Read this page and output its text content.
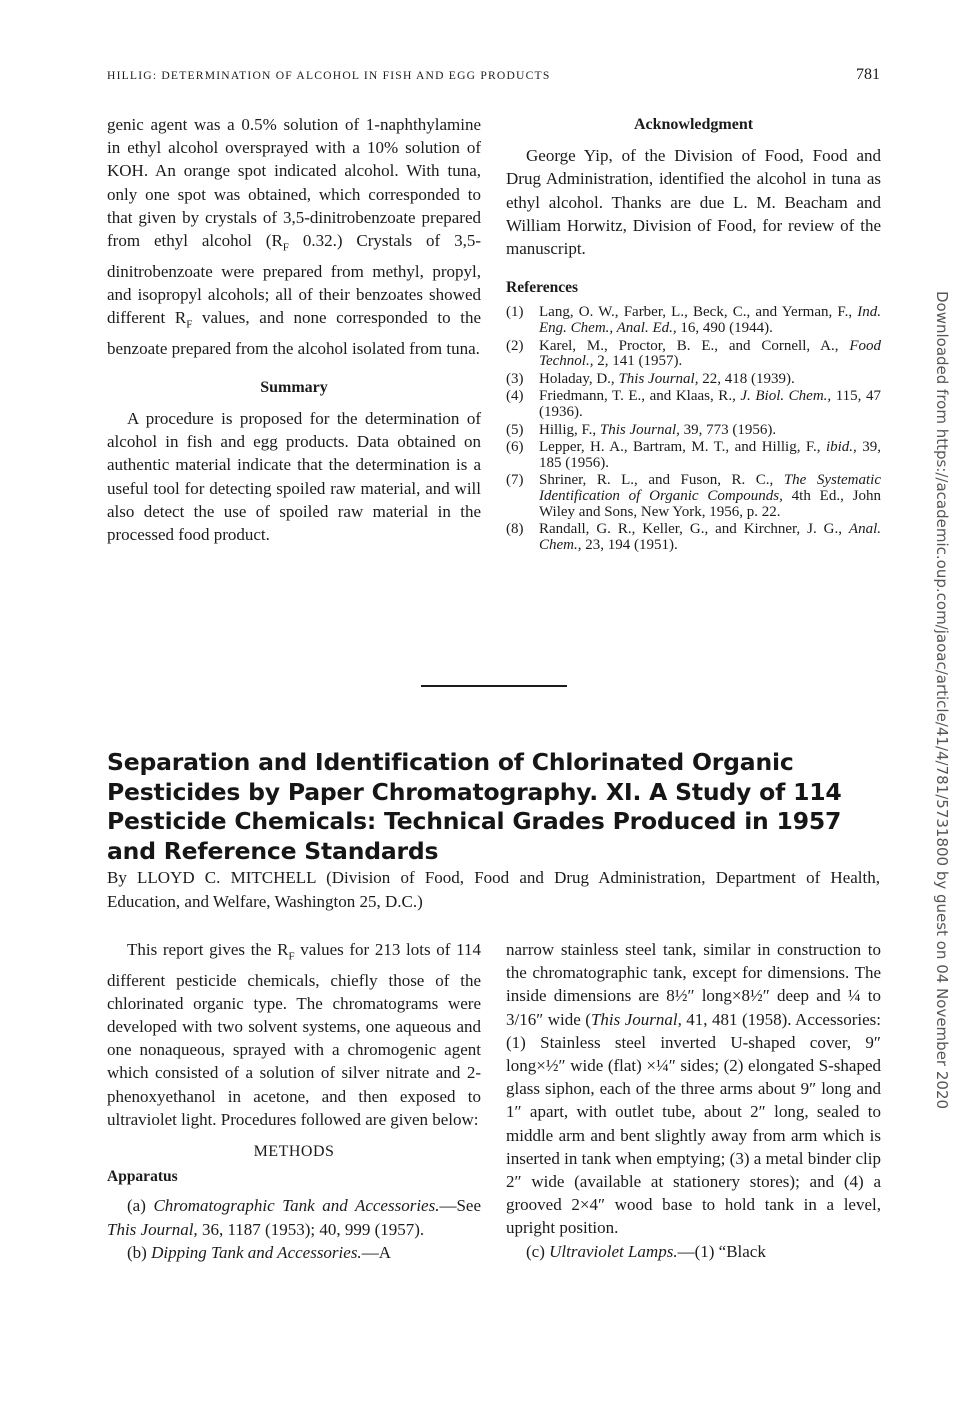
HILLIG: DETERMINATION OF ALCOHOL IN FISH AND EGG PRODUCTS	781

genic agent was a 0.5% solution of 1-naphthylamine in ethyl alcohol oversprayed with a 10% solution of KOH. An orange spot indicated alcohol. With tuna, only one spot was obtained, which corresponded to that given by crystals of 3,5-dinitrobenzoate prepared from ethyl alcohol ($R_F$ 0.32.) Crystals of 3,5-dinitrobenzoate were prepared from methyl, propyl, and isopropyl alcohols; all of their benzoates showed different $R_F$ values, and none corresponded to the benzoate prepared from the alcohol isolated from tuna.

Summary

A procedure is proposed for the determination of alcohol in fish and egg products. Data obtained on authentic material indicate that the determination is a useful tool for detecting spoiled raw material, and will also detect the use of spoiled raw material in the processed food product.

Acknowledgment

George Yip, of the Division of Food, Food and Drug Administration, identified the alcohol in tuna as ethyl alcohol. Thanks are due L. M. Beacham and William Horwitz, Division of Food, for review of the manuscript.

References

(1) Lang, O. W., Farber, L., Beck, C., and Yerman, F., Ind. Eng. Chem., Anal. Ed., 16, 490 (1944).
(2) Karel, M., Proctor, B. E., and Cornell, A., Food Technol., 2, 141 (1957).
(3) Holaday, D., This Journal, 22, 418 (1939).
(4) Friedmann, T. E., and Klaas, R., J. Biol. Chem., 115, 47 (1936).
(5) Hillig, F., This Journal, 39, 773 (1956).
(6) Lepper, H. A., Bartram, M. T., and Hillig, F., ibid., 39, 185 (1956).
(7) Shriner, R. L., and Fuson, R. C., The Systematic Identification of Organic Compounds, 4th Ed., John Wiley and Sons, New York, 1956, p. 22.
(8) Randall, G. R., Keller, G., and Kirchner, J. G., Anal. Chem., 23, 194 (1951).
Separation and Identification of Chlorinated Organic Pesticides by Paper Chromatography. XI. A Study of 114 Pesticide Chemicals: Technical Grades Produced in 1957 and Reference Standards

By LLOYD C. MITCHELL (Division of Food, Food and Drug Administration, Department of Health, Education, and Welfare, Washington 25, D.C.)

This report gives the $R_F$ values for 213 lots of 114 different pesticide chemicals, chiefly those of the chlorinated organic type. The chromatograms were developed with two solvent systems, one aqueous and one nonaqueous, sprayed with a chromogenic agent which consisted of a solution of silver nitrate and 2-phenoxyethanol in acetone, and then exposed to ultraviolet light. Procedures followed are given below:

METHODS

Apparatus

(a) Chromatographic Tank and Accessories.—See This Journal, 36, 1187 (1953); 40, 999 (1957).

(b) Dipping Tank and Accessories.—A

narrow stainless steel tank, similar in construction to the chromatographic tank, except for dimensions. The inside dimensions are 8½″ long×8½″ deep and ¼ to 3/16″ wide (This Journal, 41, 481 (1958). Accessories: (1) Stainless steel inverted U-shaped cover, 9″ long×½″ wide (flat) ×¼″ sides; (2) elongated S-shaped glass siphon, each of the three arms about 9″ long and 1″ apart, with outlet tube, about 2″ long, sealed to middle arm and bent slightly away from arm which is inserted in tank when emptying; (3) a metal binder clip 2″ wide (available at stationery stores); and (4) a grooved 2×4″ wood base to hold tank in a level, upright position.

(c) Ultraviolet Lamps.—(1) “Black

Downloaded from https://academic.oup.com/jaoac/article/41/4/781/5731800 by guest on 04 November 2020
